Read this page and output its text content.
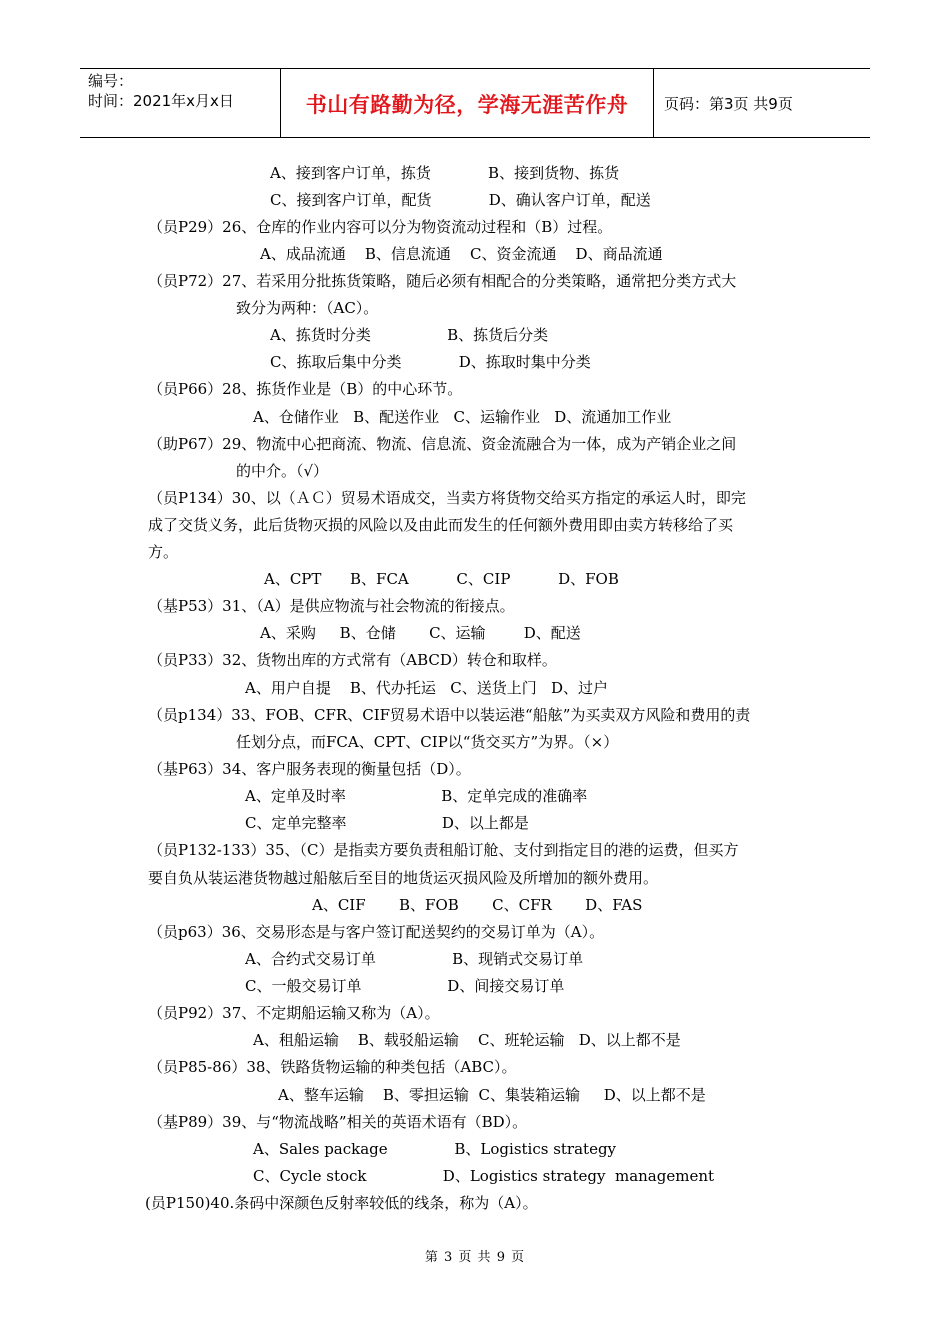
编号：
时间：2021年x月x日	书山有路勤为径，学海无涯苦作舟	页码：第3页 共9页
A、接到客户订单，拣货            B、接到货物、拣货
C、接到客户订单，配货            D、确认客户订单，配送
（员P29）26、仓库的作业内容可以分为物资流动过程和（B）过程。
A、成品流通    B、信息流通    C、资金流通    D、商品流通
（员P72）27、若采用分批拣货策略，随后必须有相配合的分类策略，通常把分类方式大
致分为两种：（AC）。
A、拣货时分类                B、拣货后分类
C、拣取后集中分类            D、拣取时集中分类
（员P66）28、拣货作业是（B）的中心环节。
A、仓储作业   B、配送作业   C、运输作业   D、流通加工作业
（助P67）29、物流中心把商流、物流、信息流、资金流融合为一体，成为产销企业之间
的中介。（√）
（员P134）30、以（ＡＣ）贸易术语成交，当卖方将货物交给买方指定的承运人时，即完
成了交货义务，此后货物灭损的风险以及由此而发生的任何额外费用即由卖方转移给了买
方。
A、CPT      B、FCA          C、CIP          D、FOB
（基P53）31、（A）是供应物流与社会物流的衔接点。
A、采购     B、仓储       C、运输        D、配送
（员P33）32、货物出库的方式常有（ABCD）转仓和取样。
A、用户自提    B、代办托运   C、送货上门   D、过户
（员p134）33、FOB、CFR、CIF贸易术语中以装运港“船舷”为买卖双方风险和费用的责
任划分点，而FCA、CPT、CIP以“货交买方”为界。（×）
（基P63）34、客户服务表现的衡量包括（D）。
A、定单及时率                    B、定单完成的准确率
C、定单完整率                    D、以上都是
（员P132-133）35、（C）是指卖方要负责租船订舱、支付到指定目的港的运费，但买方
要自负从装运港货物越过船舷后至目的地货运灭损风险及所增加的额外费用。
A、CIF       B、FOB       C、CFR       D、FAS
（员p63）36、交易形态是与客户签订配送契约的交易订单为（A）。
A、合约式交易订单                B、现销式交易订单
C、一般交易订单                  D、间接交易订单
（员P92）37、不定期船运输又称为（A）。
A、租船运输    B、载驳船运输    C、班轮运输   D、以上都不是
（员P85-86）38、铁路货物运输的种类包括（ABC）。
A、整车运输    B、零担运输  C、集装箱运输     D、以上都不是
（基P89）39、与“物流战略”相关的英语术语有（BD）。
A、Sales package              B、Logistics strategy
C、Cycle stock                D、Logistics strategy  management
(员P150)40.条码中深颜色反射率较低的线条，称为（A）。
第 3 页 共 9 页
